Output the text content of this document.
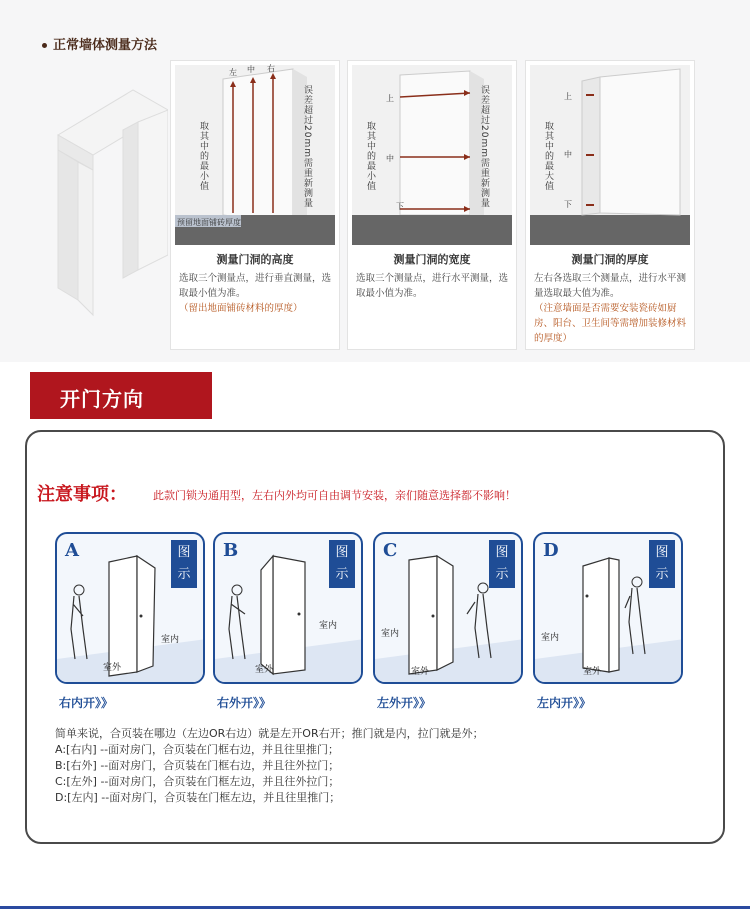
正常墙体测量方法
左 中 右
取其中的最小值	误差超过20mm需重新测量
预留地面铺砖厚度
测量门洞的高度
选取三个测量点，进行垂直测量，选取最小值为准。
（留出地面铺砖材料的厚度）
上
中
下
取其中的最小值	误差超过20mm需重新测量
测量门洞的宽度
选取三个测量点，进行水平测量，选取最小值为准。
上
中
下
取其中的最大值
测量门洞的厚度
左右各选取三个测量点，进行水平测量选取最大值为准。
（注意墙面是否需要安装瓷砖如厨房、阳台、卫生间等需增加装修材料的厚度）
开门方向
注意事项： 此款门锁为通用型，左右内外均可自由调节安装，亲们随意选择都不影响！
A	图
示
室内
室外
B	图
示
室内
室外
C	图
示
室内
室外
D	图
示
室内
室外
右内开》》	右外开》》	左外开》》	左内开》》
简单来说，合页装在哪边（左边OR右边）就是左开OR右开；推门就是内，拉门就是外；
A:[右内] --面对房门，合页装在门框右边，并且往里推门；
B:[右外] --面对房门，合页装在门框右边，并且往外拉门；
C:[左外] --面对房门，合页装在门框左边，并且往外拉门；
D:[左内] --面对房门，合页装在门框左边，并且往里推门；
